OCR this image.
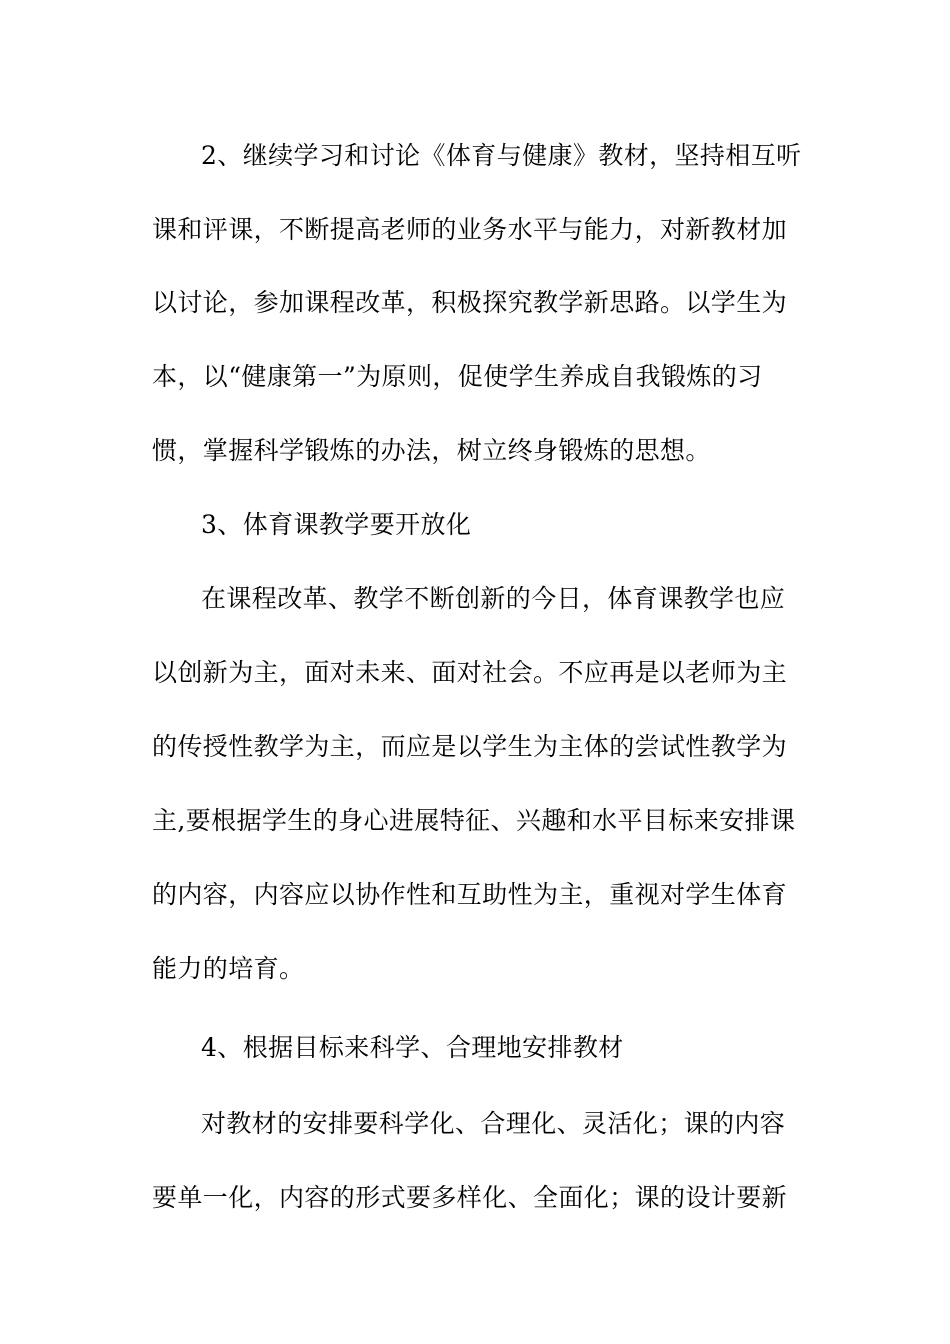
2、继续学习和讨论《体育与健康》教材，坚持相互听
课和评课，不断提高老师的业务水平与能力，对新教材加
以讨论，参加课程改革，积极探究教学新思路。以学生为
本，以“健康第一”为原则，促使学生养成自我锻炼的习
惯，掌握科学锻炼的办法，树立终身锻炼的思想。
3、体育课教学要开放化
在课程改革、教学不断创新的今日，体育课教学也应
以创新为主，面对未来、面对社会。不应再是以老师为主
的传授性教学为主，而应是以学生为主体的尝试性教学为
主,要根据学生的身心进展特征、兴趣和水平目标来安排课
的内容，内容应以协作性和互助性为主，重视对学生体育
能力的培育。
4、根据目标来科学、合理地安排教材
对教材的安排要科学化、合理化、灵活化；课的内容
要单一化，内容的形式要多样化、全面化；课的设计要新
